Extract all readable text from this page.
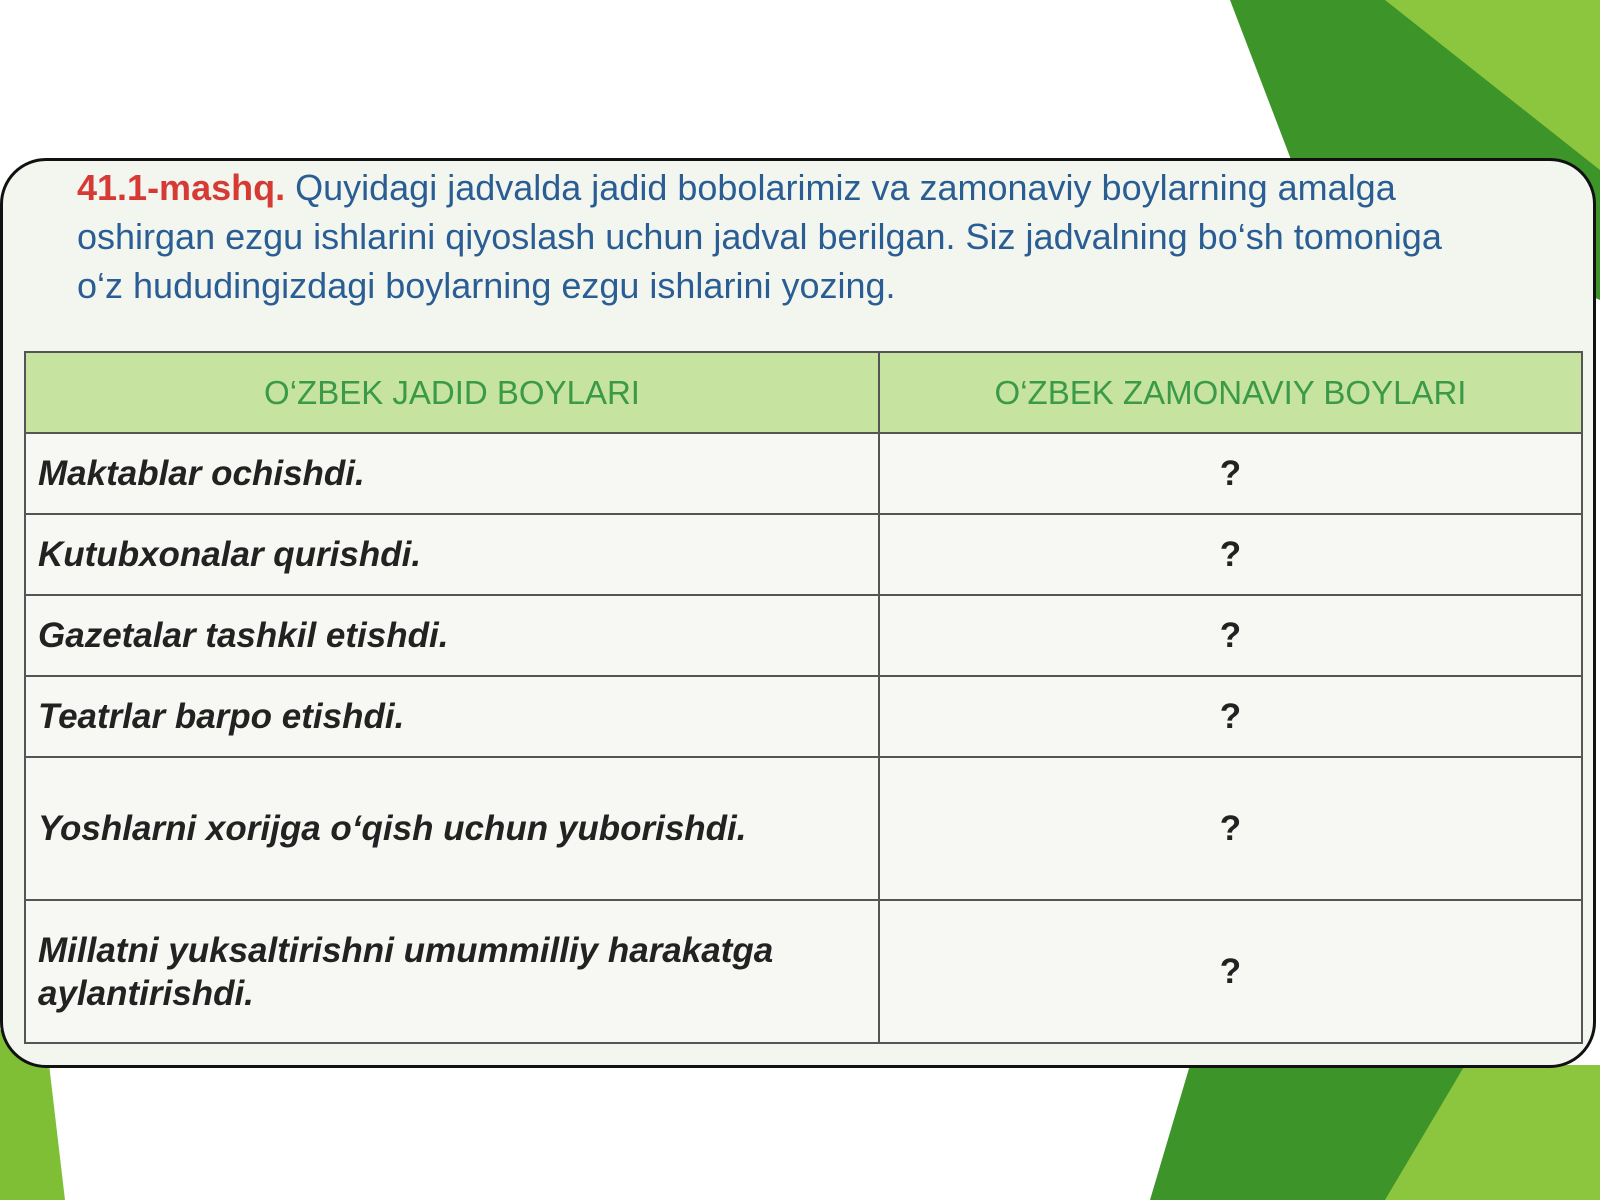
41.1-mashq. Quyidagi jadvalda jadid bobolarimiz va zamonaviy boylarning amalga
oshirgan ezgu ishlarini qiyoslash uchun jadval berilgan. Siz jadvalning bo‘sh tomoniga
o‘z hududingizdagi boylarning ezgu ishlarini yozing.
O‘ZBEK JADID BOYLARI	O‘ZBEK ZAMONAVIY BOYLARI
Maktablar ochishdi.	?
Kutubxonalar qurishdi.	?
Gazetalar tashkil etishdi.	?
Teatrlar barpo etishdi.	?
Yoshlarni xorijga o‘qish uchun yuborishdi.	?
Millatni yuksaltirishni umummilliy harakatga aylantirishdi.	?
